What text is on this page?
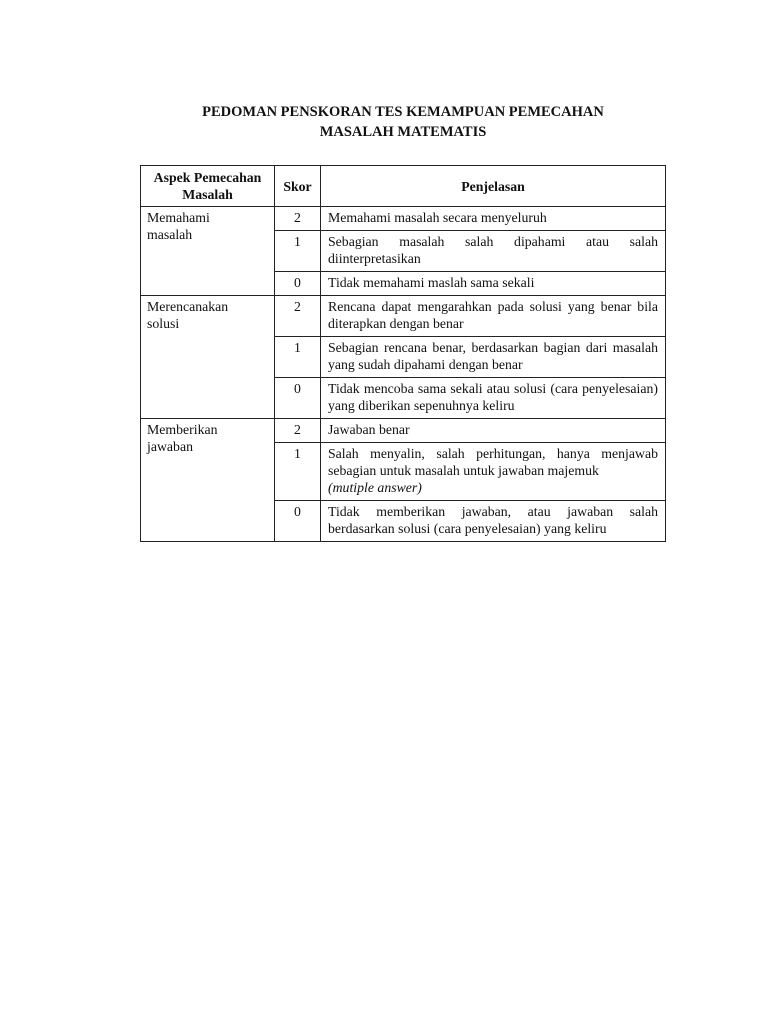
PEDOMAN PENSKORAN TES KEMAMPUAN PEMECAHAN
MASALAH MATEMATIS
Aspek Pemecahan
Masalah	Skor	Penjelasan
Memahami
masalah	2	Memahami masalah secara menyeluruh

	1	Sebagian masalah salah dipahami atau salah diinterpretasikan

	0	Tidak memahami maslah sama sekali

Merencanakan
solusi	2	Rencana dapat mengarahkan pada solusi yang benar bila diterapkan dengan benar

	1	Sebagian rencana benar, berdasarkan bagian dari masalah yang sudah dipahami dengan benar

	0	Tidak mencoba sama sekali atau solusi (cara penyelesaian) yang diberikan sepenuhnya keliru

Memberikan
jawaban	2	Jawaban benar

	1	Salah menyalin, salah perhitungan, hanya menjawab sebagian untuk masalah untuk jawaban majemuk
(mutiple answer)

	0	Tidak memberikan jawaban, atau jawaban salah berdasarkan solusi (cara penyelesaian) yang keliru
